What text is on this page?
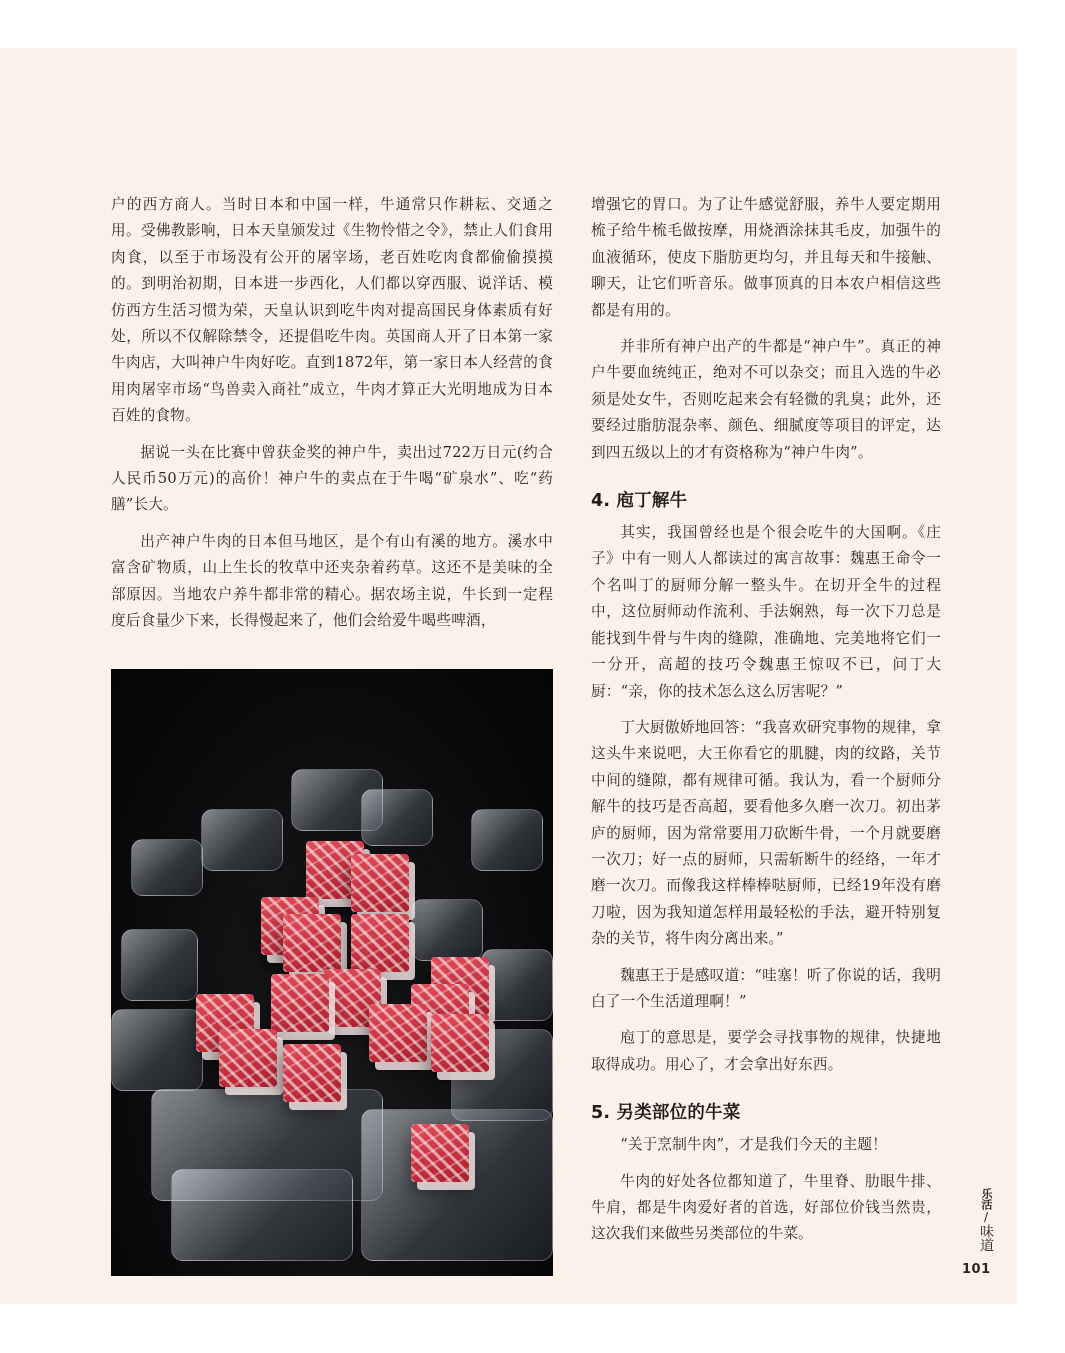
户的西方商人。当时日本和中国一样，牛通常只作耕耘、交通之用。受佛教影响，日本天皇颁发过《生物怜惜之令》，禁止人们食用肉食，以至于市场没有公开的屠宰场，老百姓吃肉食都偷偷摸摸的。到明治初期，日本进一步西化，人们都以穿西服、说洋话、模仿西方生活习惯为荣，天皇认识到吃牛肉对提高国民身体素质有好处，所以不仅解除禁令，还提倡吃牛肉。英国商人开了日本第一家牛肉店，大叫神户牛肉好吃。直到1872年，第一家日本人经营的食用肉屠宰市场“鸟兽卖入商社”成立，牛肉才算正大光明地成为日本百姓的食物。

据说一头在比赛中曾获金奖的神户牛，卖出过722万日元(约合人民币50万元)的高价！神户牛的卖点在于牛喝“矿泉水”、吃“药膳”长大。

出产神户牛肉的日本但马地区，是个有山有溪的地方。溪水中富含矿物质，山上生长的牧草中还夹杂着药草。这还不是美味的全部原因。当地农户养牛都非常的精心。据农场主说，牛长到一定程度后食量少下来，长得慢起来了，他们会给爱牛喝些啤酒，

增强它的胃口。为了让牛感觉舒服，养牛人要定期用梳子给牛梳毛做按摩，用烧酒涂抹其毛皮，加强牛的血液循环，使皮下脂肪更均匀，并且每天和牛接触、聊天，让它们听音乐。做事顶真的日本农户相信这些都是有用的。

并非所有神户出产的牛都是“神户牛”。真正的神户牛要血统纯正，绝对不可以杂交；而且入选的牛必须是处女牛，否则吃起来会有轻微的乳臭；此外，还要经过脂肪混杂率、颜色、细腻度等项目的评定，达到四五级以上的才有资格称为“神户牛肉”。

4. 庖丁解牛

其实，我国曾经也是个很会吃牛的大国啊。《庄子》中有一则人人都读过的寓言故事：魏惠王命令一个名叫丁的厨师分解一整头牛。在切开全牛的过程中，这位厨师动作流利、手法娴熟，每一次下刀总是能找到牛骨与牛肉的缝隙，准确地、完美地将它们一一分开，高超的技巧令魏惠王惊叹不已，问丁大厨：“亲，你的技术怎么这么厉害呢？”

丁大厨傲娇地回答：“我喜欢研究事物的规律，拿这头牛来说吧，大王你看它的肌腱，肉的纹路，关节中间的缝隙，都有规律可循。我认为，看一个厨师分解牛的技巧是否高超，要看他多久磨一次刀。初出茅庐的厨师，因为常常要用刀砍断牛骨，一个月就要磨一次刀；好一点的厨师，只需斩断牛的经络，一年才磨一次刀。而像我这样棒棒哒厨师，已经19年没有磨刀啦，因为我知道怎样用最轻松的手法，避开特别复杂的关节，将牛肉分离出来。”

魏惠王于是感叹道：“哇塞！听了你说的话，我明白了一个生活道理啊！”

庖丁的意思是，要学会寻找事物的规律，快捷地取得成功。用心了，才会拿出好东西。

5. 另类部位的牛菜

“关于烹制牛肉”，才是我们今天的主题！

牛肉的好处各位都知道了，牛里脊、肋眼牛排、牛肩，都是牛肉爱好者的首选，好部位价钱当然贵，这次我们来做些另类部位的牛菜。

乐活/味道
101
